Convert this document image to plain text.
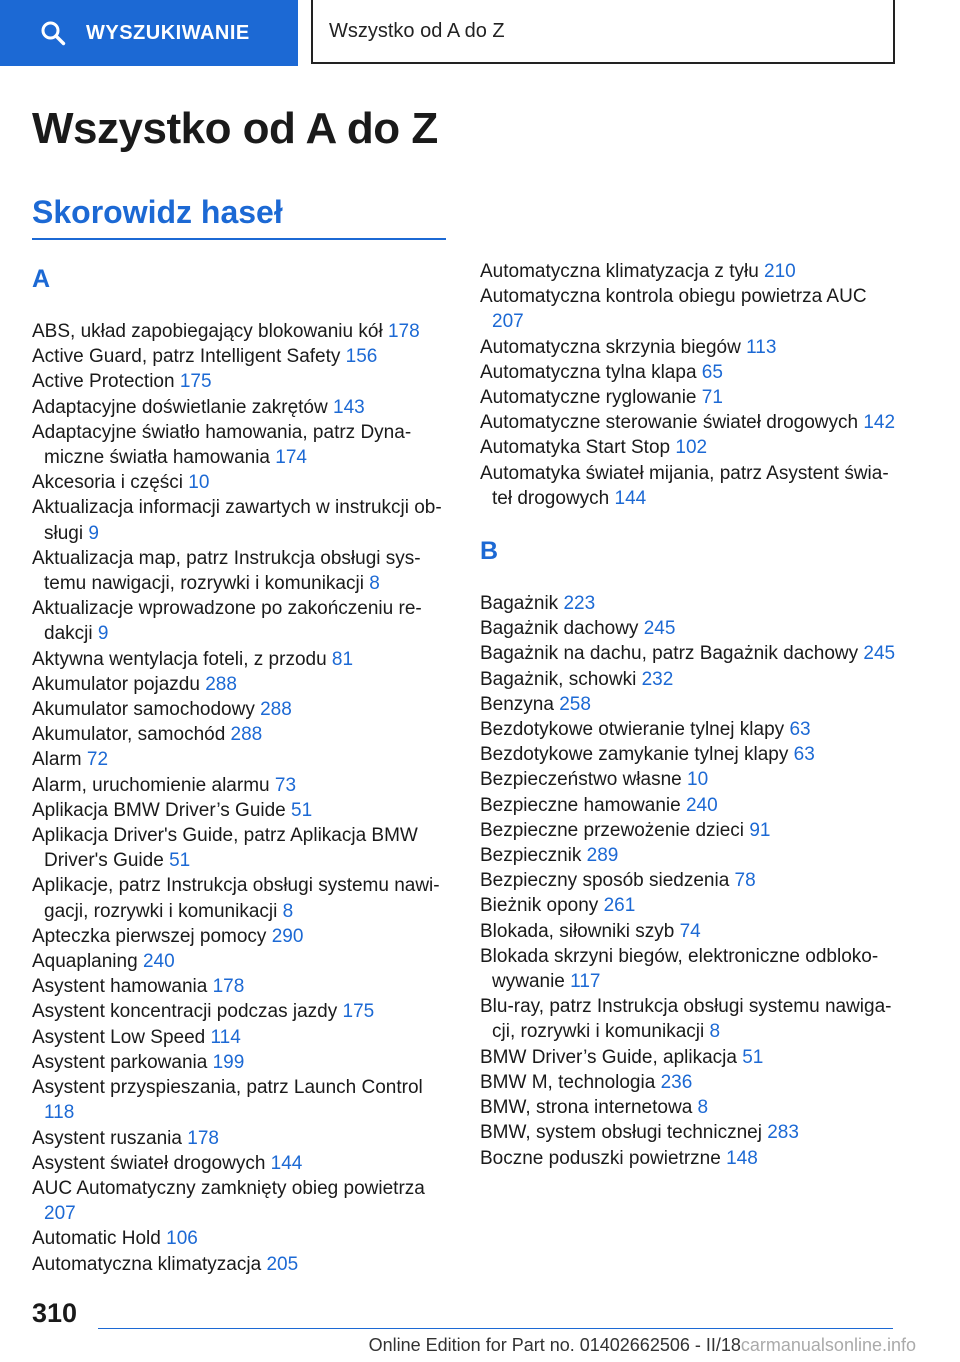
WYSZUKIWANIE	Wszystko od A do Z
Wszystko od A do Z
Skorowidz haseł
A

ABS, układ zapobiegający blokowaniu kół 178

Active Guard, patrz Intelligent Safety 156

Active Protection 175

Adaptacyjne doświetlanie zakrętów 143

Adaptacyjne światło hamowania, patrz Dynamiczne światła hamowania 174

Akcesoria i części 10

Aktualizacja informacji zawartych w instrukcji obsługi 9

Aktualizacja map, patrz Instrukcja obsługi systemu nawigacji, rozrywki i komunikacji 8

Aktualizacje wprowadzone po zakończeniu redakcji 9

Aktywna wentylacja foteli, z przodu 81

Akumulator pojazdu 288

Akumulator samochodowy 288

Akumulator, samochód 288

Alarm 72

Alarm, uruchomienie alarmu 73

Aplikacja BMW Driver’s Guide 51

Aplikacja Driver's Guide, patrz Aplikacja BMW Driver's Guide 51

Aplikacje, patrz Instrukcja obsługi systemu nawigacji, rozrywki i komunikacji 8

Apteczka pierwszej pomocy 290

Aquaplaning 240

Asystent hamowania 178

Asystent koncentracji podczas jazdy 175

Asystent Low Speed 114

Asystent parkowania 199

Asystent przyspieszania, patrz Launch Control 118

Asystent ruszania 178

Asystent świateł drogowych 144

AUC Automatyczny zamknięty obieg powietrza 207

Automatic Hold 106

Automatyczna klimatyzacja 205

Automatyczna klimatyzacja z tyłu 210

Automatyczna kontrola obiegu powietrza AUC 207

Automatyczna skrzynia biegów 113

Automatyczna tylna klapa 65

Automatyczne ryglowanie 71

Automatyczne sterowanie świateł drogowych 142

Automatyka Start Stop 102

Automatyka świateł mijania, patrz Asystent świateł drogowych 144

B

Bagażnik 223

Bagażnik dachowy 245

Bagażnik na dachu, patrz Bagażnik dachowy 245

Bagażnik, schowki 232

Benzyna 258

Bezdotykowe otwieranie tylnej klapy 63

Bezdotykowe zamykanie tylnej klapy 63

Bezpieczeństwo własne 10

Bezpieczne hamowanie 240

Bezpieczne przewożenie dzieci 91

Bezpiecznik 289

Bezpieczny sposób siedzenia 78

Bieżnik opony 261

Blokada, siłowniki szyb 74

Blokada skrzyni biegów, elektroniczne odblokowywanie 117

Blu-ray, patrz Instrukcja obsługi systemu nawigacji, rozrywki i komunikacji 8

BMW Driver’s Guide, aplikacja 51

BMW M, technologia 236

BMW, strona internetowa 8

BMW, system obsługi technicznej 283

Boczne poduszki powietrzne 148

310
Online Edition for Part no. 01402662506 - II/18carmanualsonline.info
